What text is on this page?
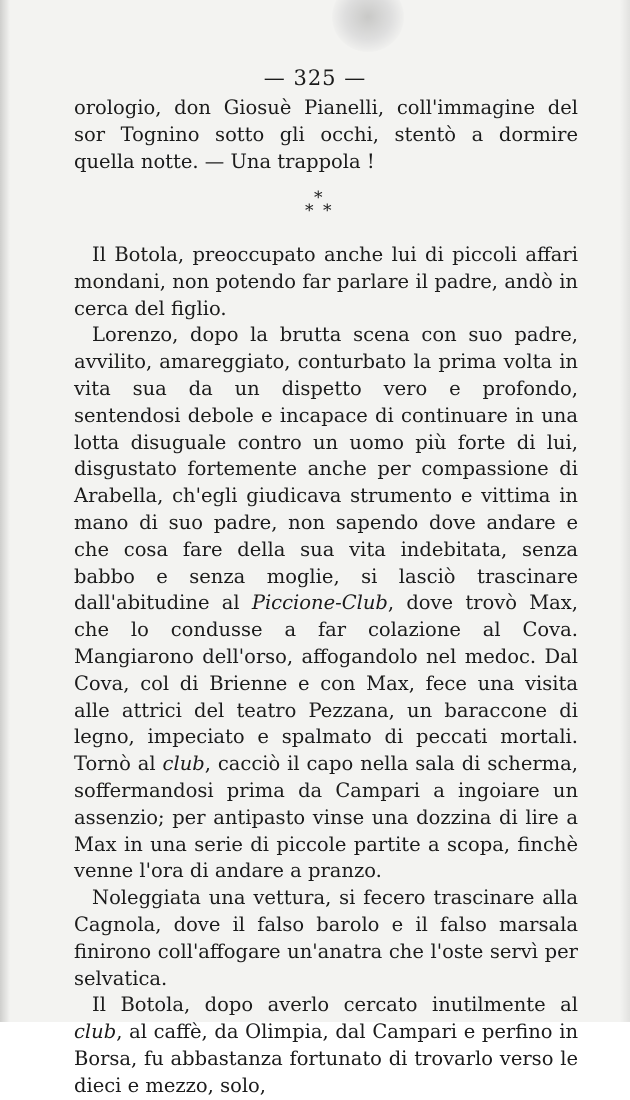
— 325 —

orologio, don Giosuè Pianelli, coll'immagine del sor Tognino sotto gli occhi, stentò a dormire quella notte. — Una trappola !

*
* *

Il Botola, preoccupato anche lui di piccoli affari mondani, non potendo far parlare il padre, andò in cerca del figlio.

Lorenzo, dopo la brutta scena con suo padre, avvilito, amareggiato, conturbato la prima volta in vita sua da un dispetto vero e profondo, sentendosi debole e incapace di continuare in una lotta disuguale contro un uomo più forte di lui, disgustato fortemente anche per compassione di Arabella, ch'egli giudicava strumento e vittima in mano di suo padre, non sapendo dove andare e che cosa fare della sua vita indebitata, senza babbo e senza moglie, si lasciò trascinare dall'abitudine al Piccione-Club, dove trovò Max, che lo condusse a far colazione al Cova. Mangiarono dell'orso, affogandolo nel medoc. Dal Cova, col di Brienne e con Max, fece una visita alle attrici del teatro Pezzana, un baraccone di legno, impeciato e spalmato di peccati mortali. Tornò al club, cacciò il capo nella sala di scherma, soffermandosi prima da Campari a ingoiare un assenzio; per antipasto vinse una dozzina di lire a Max in una serie di piccole partite a scopa, finchè venne l'ora di andare a pranzo.

Noleggiata una vettura, si fecero trascinare alla Cagnola, dove il falso barolo e il falso marsala finirono coll'affogare un'anatra che l'oste servì per selvatica.

Il Botola, dopo averlo cercato inutilmente al club, al caffè, da Olimpia, dal Campari e perfino in Borsa, fu abbastanza fortunato di trovarlo verso le dieci e mezzo, solo,
